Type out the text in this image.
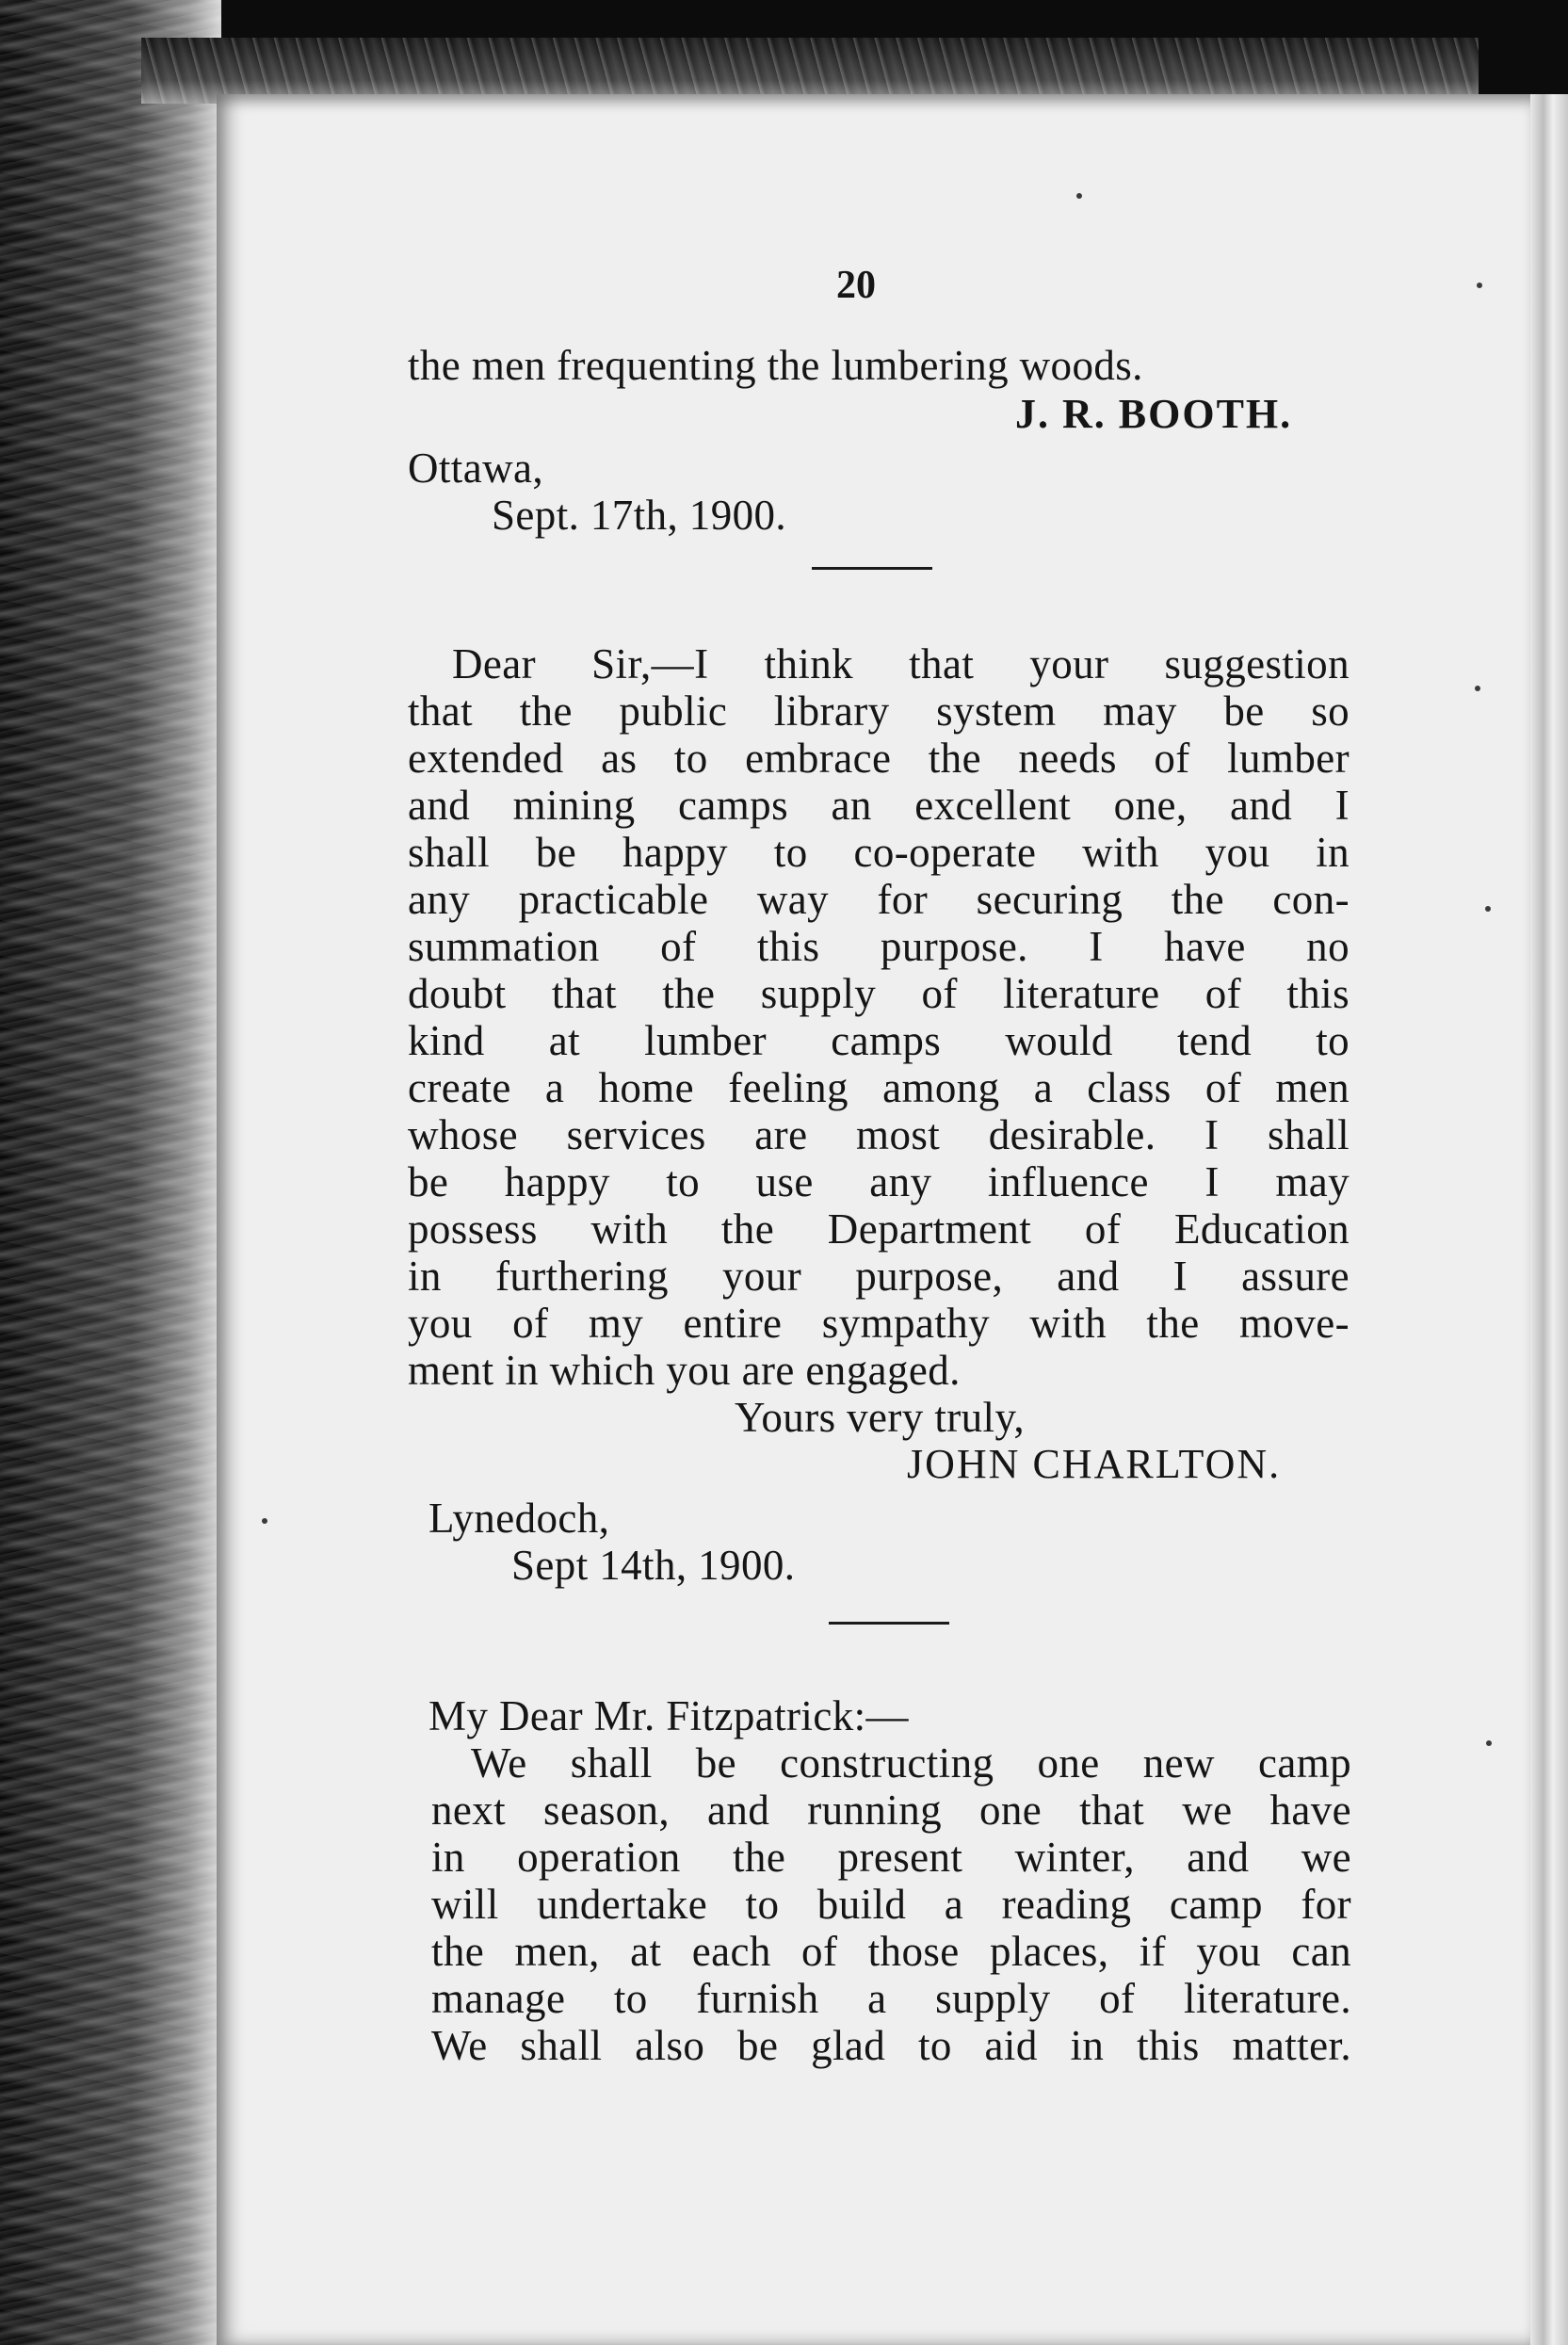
20
the men frequenting the lumbering woods.
J. R. BOOTH.
Ottawa,
Sept. 17th, 1900.
Dear Sir,—I think that your suggestion
that the public library system may be so
extended as to embrace the needs of lumber
and mining camps an excellent one, and I
shall be happy to co-operate with you in
any practicable way for securing the con-
summation of this purpose. I have no
doubt that the supply of literature of this
kind at lumber camps would tend to
create a home feeling among a class of men
whose services are most desirable. I shall
be happy to use any influence I may
possess with the Department of Education
in furthering your purpose, and I assure
you of my entire sympathy with the move-
ment in which you are engaged.
Yours very truly,
JOHN CHARLTON.
Lynedoch,
Sept 14th, 1900.
My Dear Mr. Fitzpatrick:—
We shall be constructing one new camp
next season, and running one that we have
in operation the present winter, and we
will undertake to build a reading camp for
the men, at each of those places, if you can
manage to furnish a supply of literature.
We shall also be glad to aid in this matter.
